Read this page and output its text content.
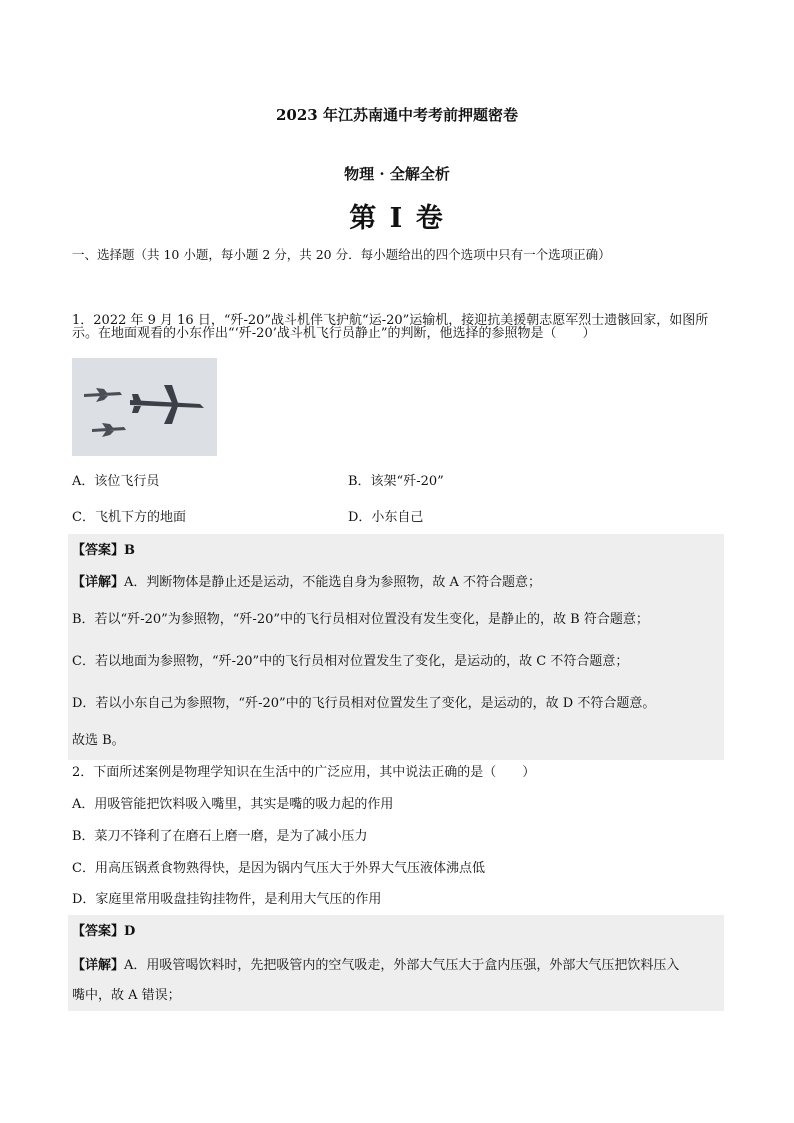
2023 年江苏南通中考考前押题密卷
物理 · 全解全析
第 I 卷
一、选择题（共 10 小题，每小题 2 分，共 20 分．每小题给出的四个选项中只有一个选项正确）
1．2022 年 9 月 16 日，“歼-20”战斗机伴飞护航“运-20”运输机，接迎抗美援朝志愿军烈士遗骸回家，如图所
示。在地面观看的小东作出“‘歼-20’战斗机飞行员静止”的判断，他选择的参照物是（　　）
A．该位飞行员	B．该架“歼-20”
C．飞机下方的地面	D．小东自己
【答案】B
【详解】A．判断物体是静止还是运动，不能选自身为参照物，故 A 不符合题意；
B．若以“歼-20”为参照物，“歼-20”中的飞行员相对位置没有发生变化，是静止的，故 B 符合题意；
C．若以地面为参照物，“歼-20”中的飞行员相对位置发生了变化，是运动的，故 C 不符合题意；
D．若以小东自己为参照物，“歼-20”中的飞行员相对位置发生了变化，是运动的，故 D 不符合题意。
故选 B。
2．下面所述案例是物理学知识在生活中的广泛应用，其中说法正确的是（　　）
A．用吸管能把饮料吸入嘴里，其实是嘴的吸力起的作用
B．菜刀不锋利了在磨石上磨一磨，是为了减小压力
C．用高压锅煮食物熟得快，是因为锅内气压大于外界大气压液体沸点低
D．家庭里常用吸盘挂钩挂物件，是利用大气压的作用
【答案】D
【详解】A．用吸管喝饮料时，先把吸管内的空气吸走，外部大气压大于盒内压强，外部大气压把饮料压入
嘴中，故 A 错误；
